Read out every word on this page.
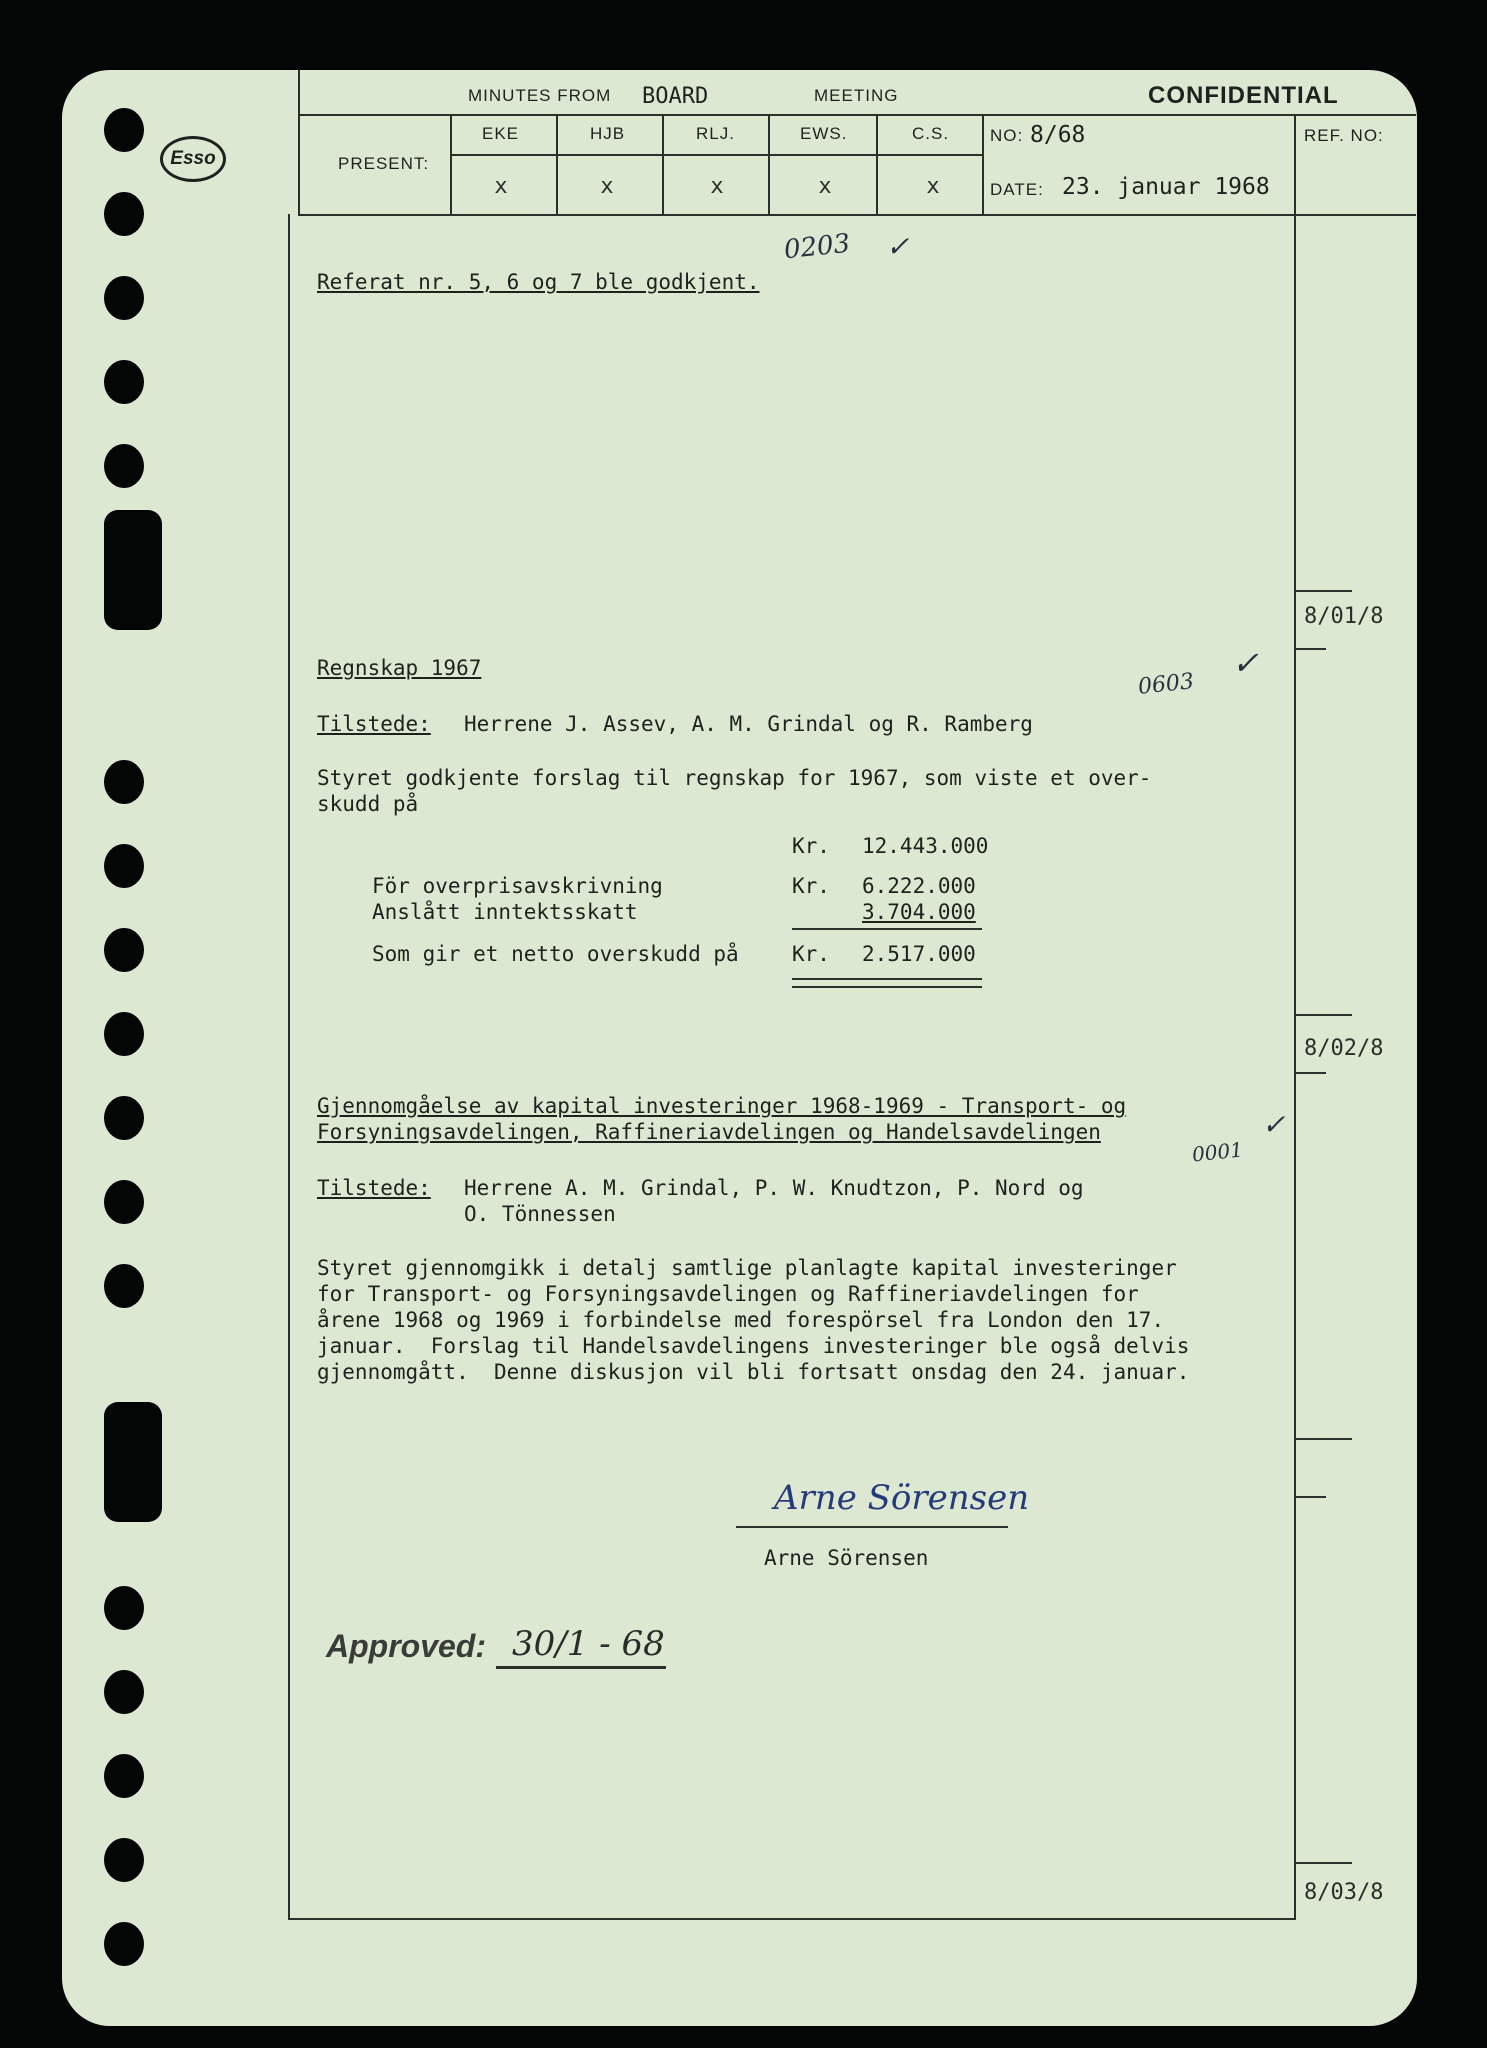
Esso
MINUTES FROM BOARD	MEETING	CONFIDENTIAL
PRESENT:
EKE	HJB	RLJ.	EWS.	C.S.
x	x	x	x	x
NO: 8/68
DATE: 23. januar 1968
REF. NO:
Referat nr. 5, 6 og 7 ble godkjent.
0203 ✓
8/01/8
Regnskap 1967
0603
✓
Tilstede: Herrene J. Assev, A. M. Grindal og R. Ramberg
Styret godkjente forslag til regnskap for 1967, som viste et over-
skudd på
Kr. 12.443.000
För overprisavskrivning	Kr. 6.222.000
Anslått inntektsskatt	3.704.000
Som gir et netto overskudd på	Kr. 2.517.000
8/02/8
Gjennomgåelse av kapital investeringer 1968-1969 - Transport- og
Forsyningsavdelingen, Raffineriavdelingen og Handelsavdelingen
0001
✓
Tilstede: Herrene A. M. Grindal, P. W. Knudtzon, P. Nord og
O. Tönnessen
Styret gjennomgikk i detalj samtlige planlagte kapital investeringer
for Transport- og Forsyningsavdelingen og Raffineriavdelingen for
årene 1968 og 1969 i forbindelse med forespörsel fra London den 17.
januar.  Forslag til Handelsavdelingens investeringer ble også delvis
gjennomgått.  Denne diskusjon vil bli fortsatt onsdag den 24. januar.
Arne Sörensen
Arne Sörensen
Approved: 30/1 - 68
8/03/8
